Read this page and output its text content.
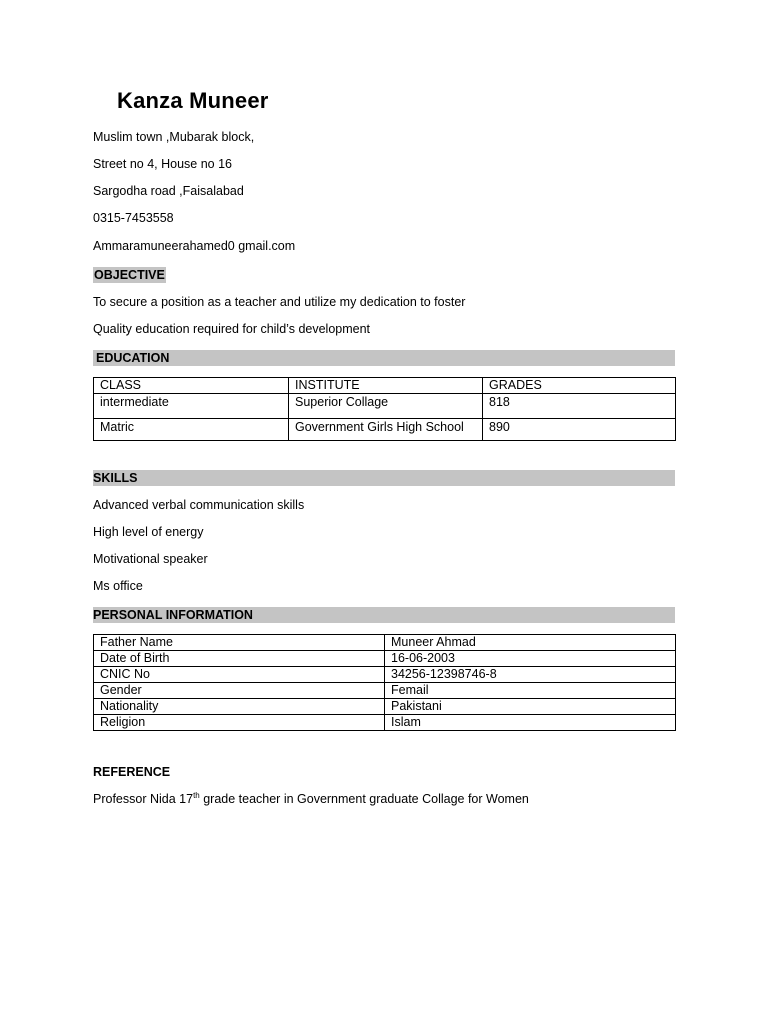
Kanza Muneer
Muslim town ,Mubarak block,
Street no 4, House no 16
Sargodha road ,Faisalabad
0315-7453558
Ammaramuneerahamed0 gmail.com
OBJECTIVE
To secure a position as a teacher and utilize my dedication to foster
Quality education required for child’s development
EDUCATION
CLASS	INSTITUTE	GRADES
intermediate	Superior Collage	818
Matric	Government Girls High School	890
SKILLS
Advanced verbal communication skills
High level of energy
Motivational speaker
Ms office
PERSONAL INFORMATION
Father Name	Muneer Ahmad
Date of Birth	16-06-2003
CNIC No	34256-12398746-8
Gender	Femail
Nationality	Pakistani
Religion	Islam
REFERENCE
Professor Nida 17th grade teacher in Government graduate Collage for Women
